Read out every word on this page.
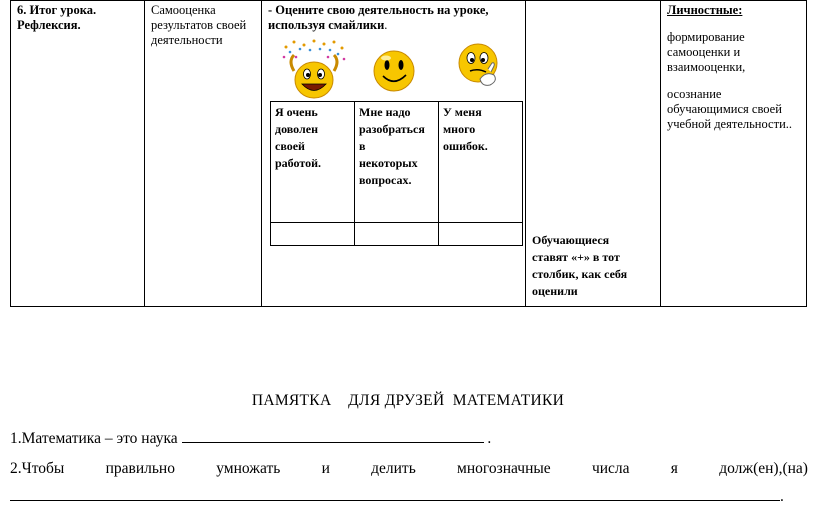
6. Итог урока.
Рефлексия.

Самооценка
результатов своей
деятельности

- Оцените свою деятельность на уроке,
используя смайлики.
Я очень
доволен
своей
работой.

Мне надо
разобраться
в
некоторых
вопросах.

У меня
много
ошибок.

Обучающиеся
ставят «+» в тот
столбик, как себя
оценили

Личностные:

формирование
самооценки и
взаимооценки,

осознание
обучающимися своей
учебной деятельности..

ПАМЯТКА    ДЛЯ ДРУЗЕЙ  МАТЕМАТИКИ
1.Математика – это наука	.
2.Чтобы	правильно	умножать	и	делить	многозначные	числа	я	долж(ен),(на)
.
